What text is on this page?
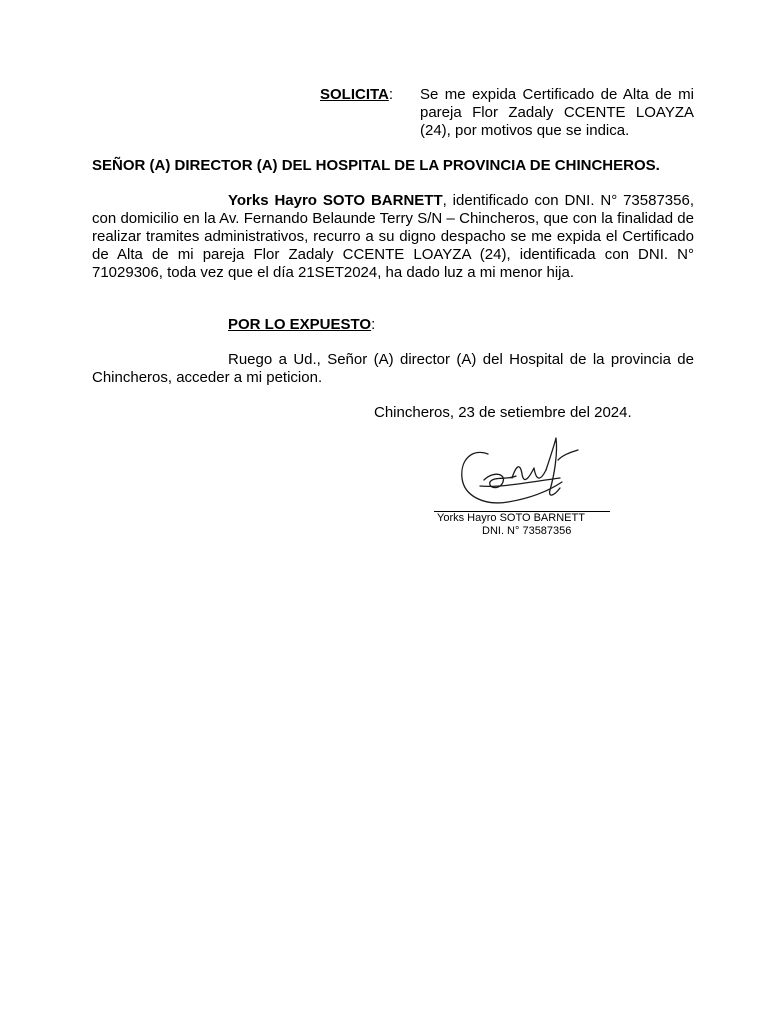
SOLICITA: Se me expida Certificado de Alta de mi pareja Flor Zadaly CCENTE LOAYZA (24), por motivos que se indica.
SEÑOR (A) DIRECTOR (A) DEL HOSPITAL DE LA PROVINCIA DE CHINCHEROS.
Yorks Hayro SOTO BARNETT, identificado con DNI. N° 73587356, con domicilio en la Av. Fernando Belaunde Terry S/N – Chincheros, que con la finalidad de realizar tramites administrativos, recurro a su digno despacho se me expida el Certificado de Alta de mi pareja Flor Zadaly CCENTE LOAYZA (24), identificada con DNI. N° 71029306, toda vez que el día 21SET2024, ha dado luz a mi menor hija.
POR LO EXPUESTO:
Ruego a Ud., Señor (A) director (A) del Hospital de la provincia de Chincheros, acceder a mi peticion.
Chincheros, 23 de setiembre del 2024.
Yorks Hayro SOTO BARNETT
DNI. N° 73587356
